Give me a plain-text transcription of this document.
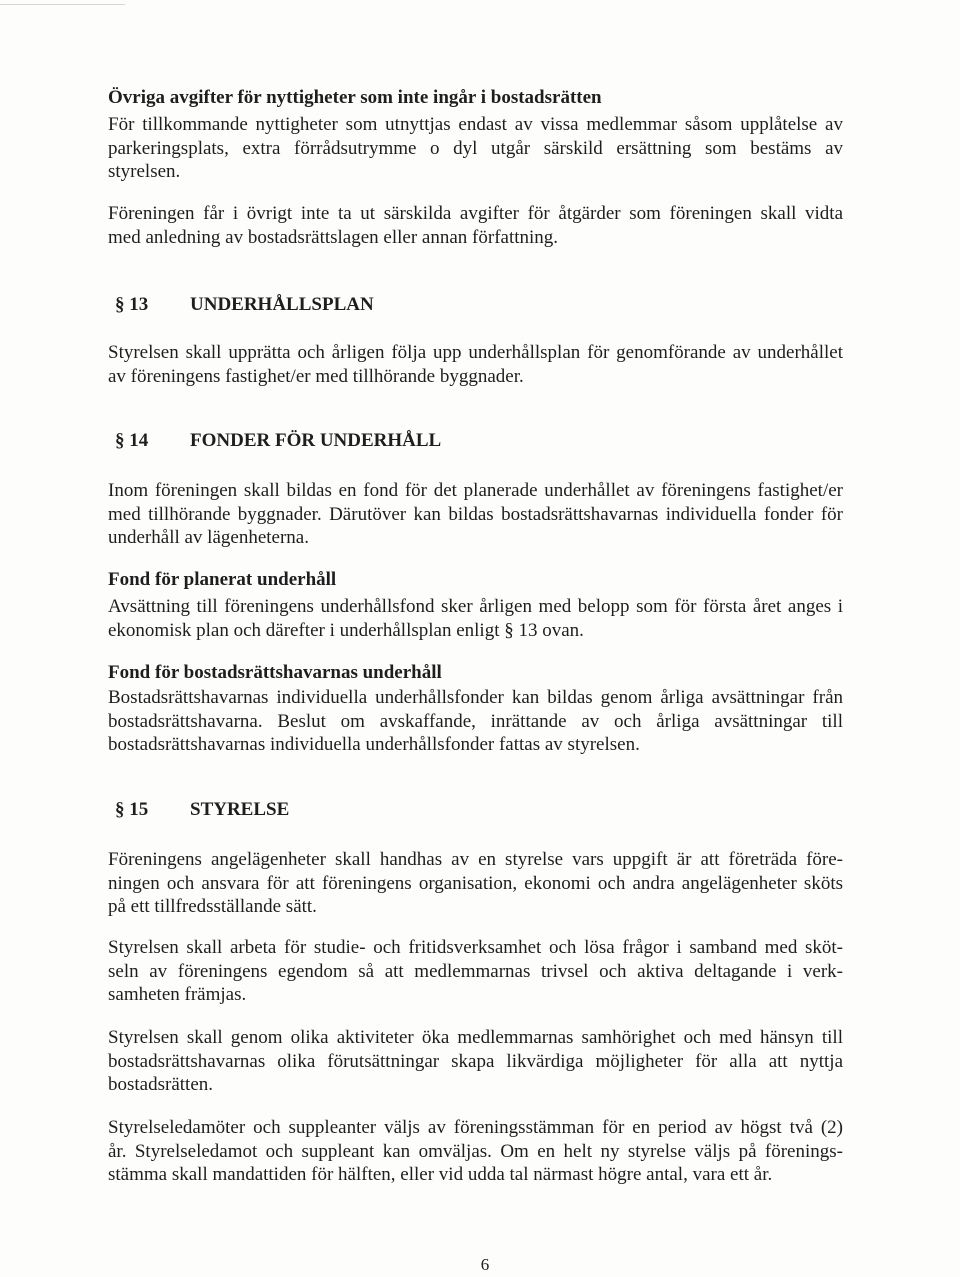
Övriga avgifter för nyttigheter som inte ingår i bostadsrätten
För tillkommande nyttigheter som utnyttjas endast av vissa medlemmar såsom upplåtelse av
parkeringsplats, extra förrådsutrymme o dyl utgår särskild ersättning som bestäms av
styrelsen.
Föreningen får i övrigt inte ta ut särskilda avgifter för åtgärder som föreningen skall vidta
med anledning av bostadsrättslagen eller annan författning.
§ 13 UNDERHÅLLSPLAN
Styrelsen skall upprätta och årligen följa upp underhållsplan för genomförande av underhållet
av föreningens fastighet/er med tillhörande byggnader.
§ 14 FONDER FÖR UNDERHÅLL
Inom föreningen skall bildas en fond för det planerade underhållet av föreningens fastighet/er
med tillhörande byggnader. Därutöver kan bildas bostadsrättshavarnas individuella fonder för
underhåll av lägenheterna.
Fond för planerat underhåll
Avsättning till föreningens underhållsfond sker årligen med belopp som för första året anges i
ekonomisk plan och därefter i underhållsplan enligt § 13 ovan.
Fond för bostadsrättshavarnas underhåll
Bostadsrättshavarnas individuella underhållsfonder kan bildas genom årliga avsättningar från
bostadsrättshavarna. Beslut om avskaffande, inrättande av och årliga avsättningar till
bostadsrättshavarnas individuella underhållsfonder fattas av styrelsen.
§ 15 STYRELSE
Föreningens angelägenheter skall handhas av en styrelse vars uppgift är att företräda före-
ningen och ansvara för att föreningens organisation, ekonomi och andra angelägenheter sköts
på ett tillfredsställande sätt.
Styrelsen skall arbeta för studie- och fritidsverksamhet och lösa frågor i samband med sköt-
seln av föreningens egendom så att medlemmarnas trivsel och aktiva deltagande i verk-
samheten främjas.
Styrelsen skall genom olika aktiviteter öka medlemmarnas samhörighet och med hänsyn till
bostadsrättshavarnas olika förutsättningar skapa likvärdiga möjligheter för alla att nyttja
bostadsrätten.
Styrelseledamöter och suppleanter väljs av föreningsstämman för en period av högst två (2)
år. Styrelseledamot och suppleant kan omväljas. Om en helt ny styrelse väljs på förenings-
stämma skall mandattiden för hälften, eller vid udda tal närmast högre antal, vara ett år.
6
